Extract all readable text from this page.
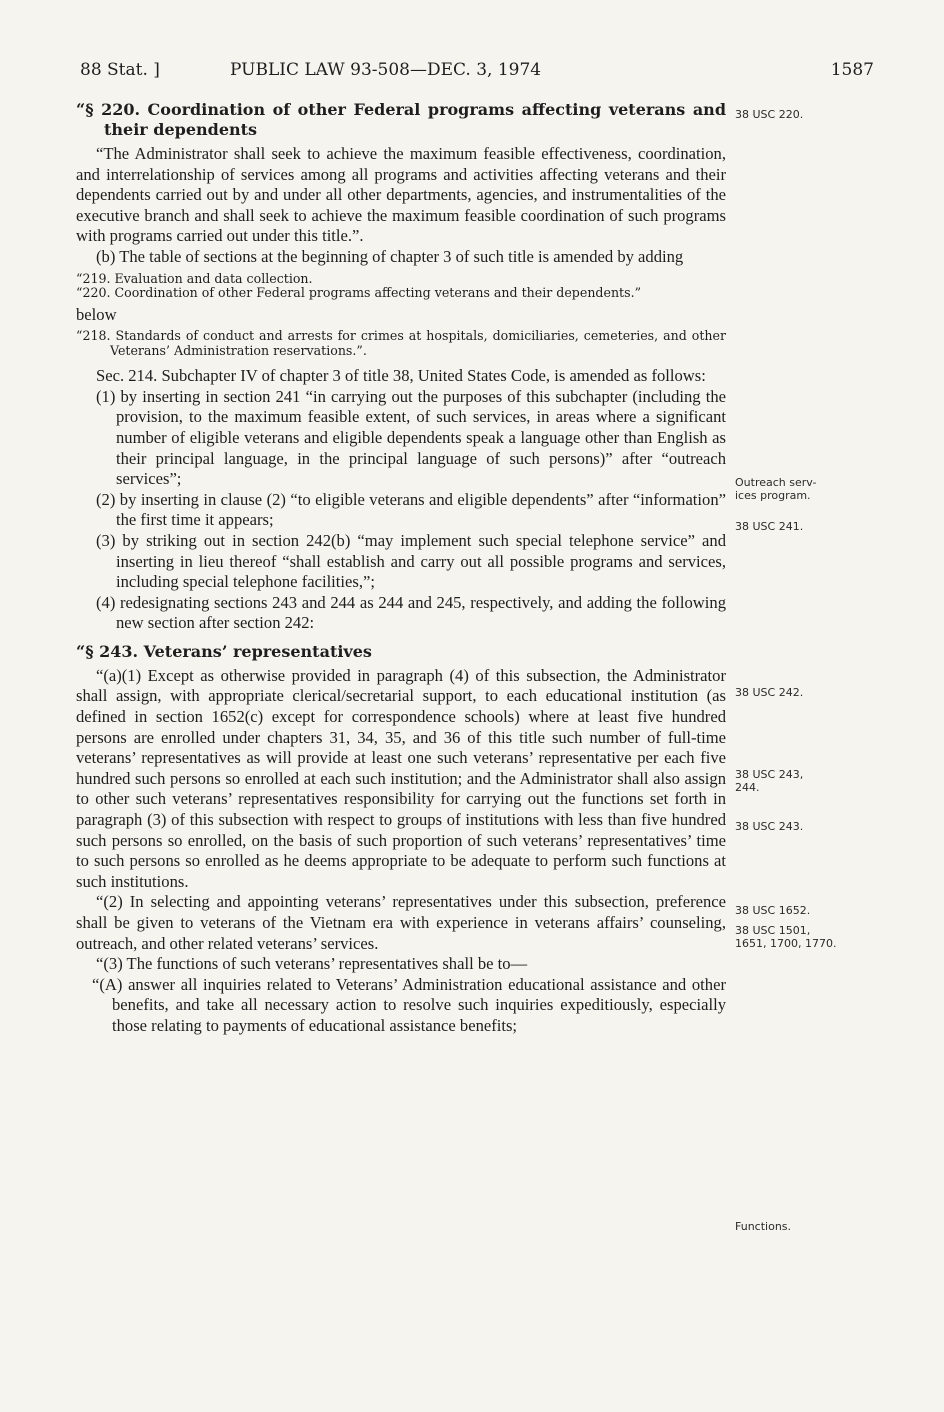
88 Stat. ]	PUBLIC LAW 93-508—DEC. 3, 1974	1587

“§ 220. Coordination of other Federal programs affecting veterans and their dependents

“The Administrator shall seek to achieve the maximum feasible effectiveness, coordination, and interrelationship of services among all programs and activities affecting veterans and their dependents carried out by and under all other departments, agencies, and instrumentalities of the executive branch and shall seek to achieve the maximum feasible coordination of such programs with programs carried out under this title.”.

(b) The table of sections at the beginning of chapter 3 of such title is amended by adding

“219. Evaluation and data collection.

“220. Coordination of other Federal programs affecting veterans and their dependents.”

below

“218. Standards of conduct and arrests for crimes at hospitals, domiciliaries, cemeteries, and other Veterans’ Administration reservations.”.

Sec. 214. Subchapter IV of chapter 3 of title 38, United States Code, is amended as follows:

(1) by inserting in section 241 “in carrying out the purposes of this subchapter (including the provision, to the maximum feasible extent, of such services, in areas where a significant number of eligible veterans and eligible dependents speak a language other than English as their principal language, in the principal language of such persons)” after “outreach services”;

(2) by inserting in clause (2) “to eligible veterans and eligible dependents” after “information” the first time it appears;

(3) by striking out in section 242(b) “may implement such special telephone service” and inserting in lieu thereof “shall establish and carry out all possible programs and services, including special telephone facilities,”;

(4) redesignating sections 243 and 244 as 244 and 245, respectively, and adding the following new section after section 242:

“§ 243. Veterans’ representatives

“(a)(1) Except as otherwise provided in paragraph (4) of this subsection, the Administrator shall assign, with appropriate clerical/secretarial support, to each educational institution (as defined in section 1652(c) except for correspondence schools) where at least five hundred persons are enrolled under chapters 31, 34, 35, and 36 of this title such number of full-time veterans’ representatives as will provide at least one such veterans’ representative per each five hundred such persons so enrolled at each such institution; and the Administrator shall also assign to other such veterans’ representatives responsibility for carrying out the functions set forth in paragraph (3) of this subsection with respect to groups of institutions with less than five hundred such persons so enrolled, on the basis of such proportion of such veterans’ representatives’ time to such persons so enrolled as he deems appropriate to be adequate to perform such functions at such institutions.

“(2) In selecting and appointing veterans’ representatives under this subsection, preference shall be given to veterans of the Vietnam era with experience in veterans affairs’ counseling, outreach, and other related veterans’ services.

“(3) The functions of such veterans’ representatives shall be to—

“(A) answer all inquiries related to Veterans’ Administration educational assistance and other benefits, and take all necessary action to resolve such inquiries expeditiously, especially those relating to payments of educational assistance benefits;

38 USC 220.
Outreach serv-
ices program.
38 USC 241.
38 USC 242.
38 USC 243,
244.
38 USC 243.
38 USC 1652.
38 USC 1501,
1651, 1700, 1770.
Functions.
